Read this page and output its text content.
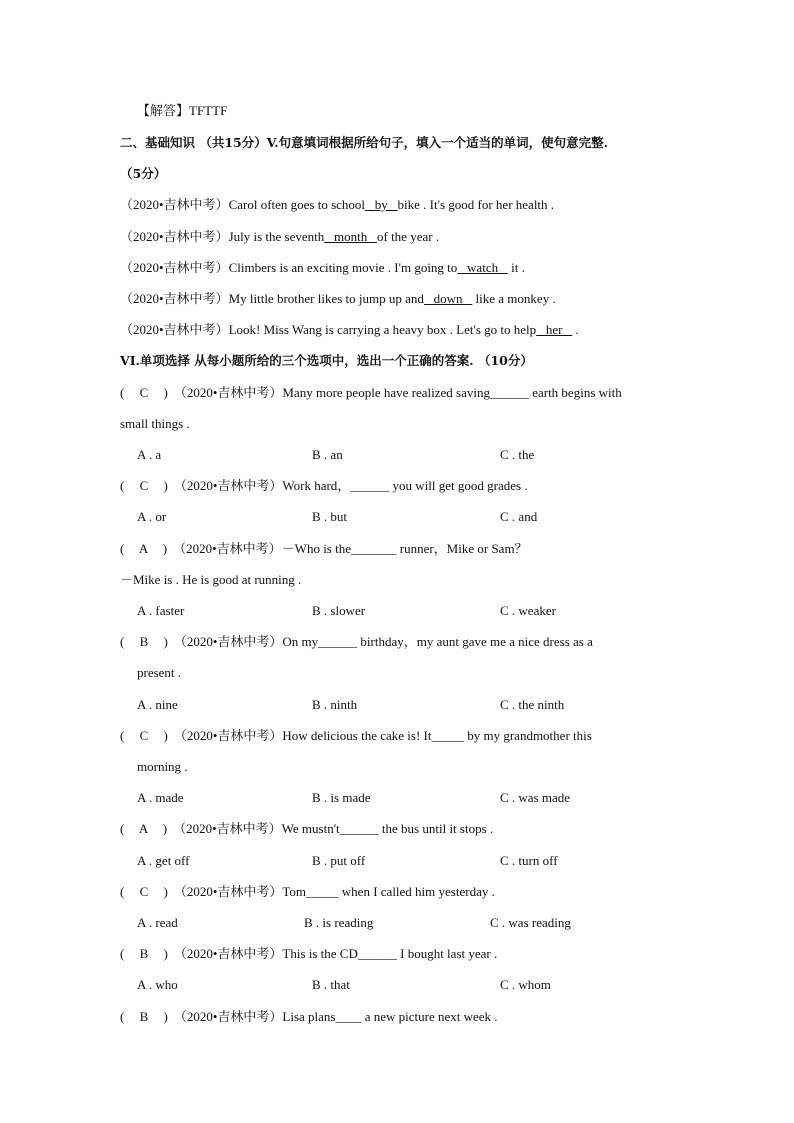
【解答】TFTTF
二、基础知识 （共15分）V.句意填词根据所给句子，填入一个适当的单词，使句意完整.
（5分）
（2020•吉林中考）Carol often goes to school   by   bike . It's good for her health .
（2020•吉林中考）July is the seventh   month   of the year .
（2020•吉林中考）Climbers is an exciting movie . I'm going to   watch    it .
（2020•吉林中考）My little brother likes to jump up and   down    like a monkey .
（2020•吉林中考）Look! Miss Wang is carrying a heavy box . Let's go to help   her    .
VI.单项选择 从每小题所给的三个选项中，选出一个正确的答案. （10分）
( C )（2020•吉林中考）Many more people have realized saving______ earth begins with
small things .
A . a	B . an	C . the
( C )（2020•吉林中考）Work hard，______ you will get good grades .
A . or	B . but	C . and
( A )（2020•吉林中考）－Who is the_______ runner，Mike or Sam？
－Mike is . He is good at running .
A . faster	B . slower	C . weaker
( B )（2020•吉林中考）On my______ birthday，my aunt gave me a nice dress as a
present .
A . nine	B . ninth	C . the ninth
( C )（2020•吉林中考）How delicious the cake is! It_____ by my grandmother this
morning .
A . made	B . is made	C . was made
( A )（2020•吉林中考）We mustn't______ the bus until it stops .
A . get off	B . put off	C . turn off
( C )（2020•吉林中考）Tom_____ when I called him yesterday .
A . read	B . is reading	C . was reading
( B )（2020•吉林中考）This is the CD______ I bought last year .
A . who	B . that	C . whom
( B )（2020•吉林中考）Lisa plans____ a new picture next week .
